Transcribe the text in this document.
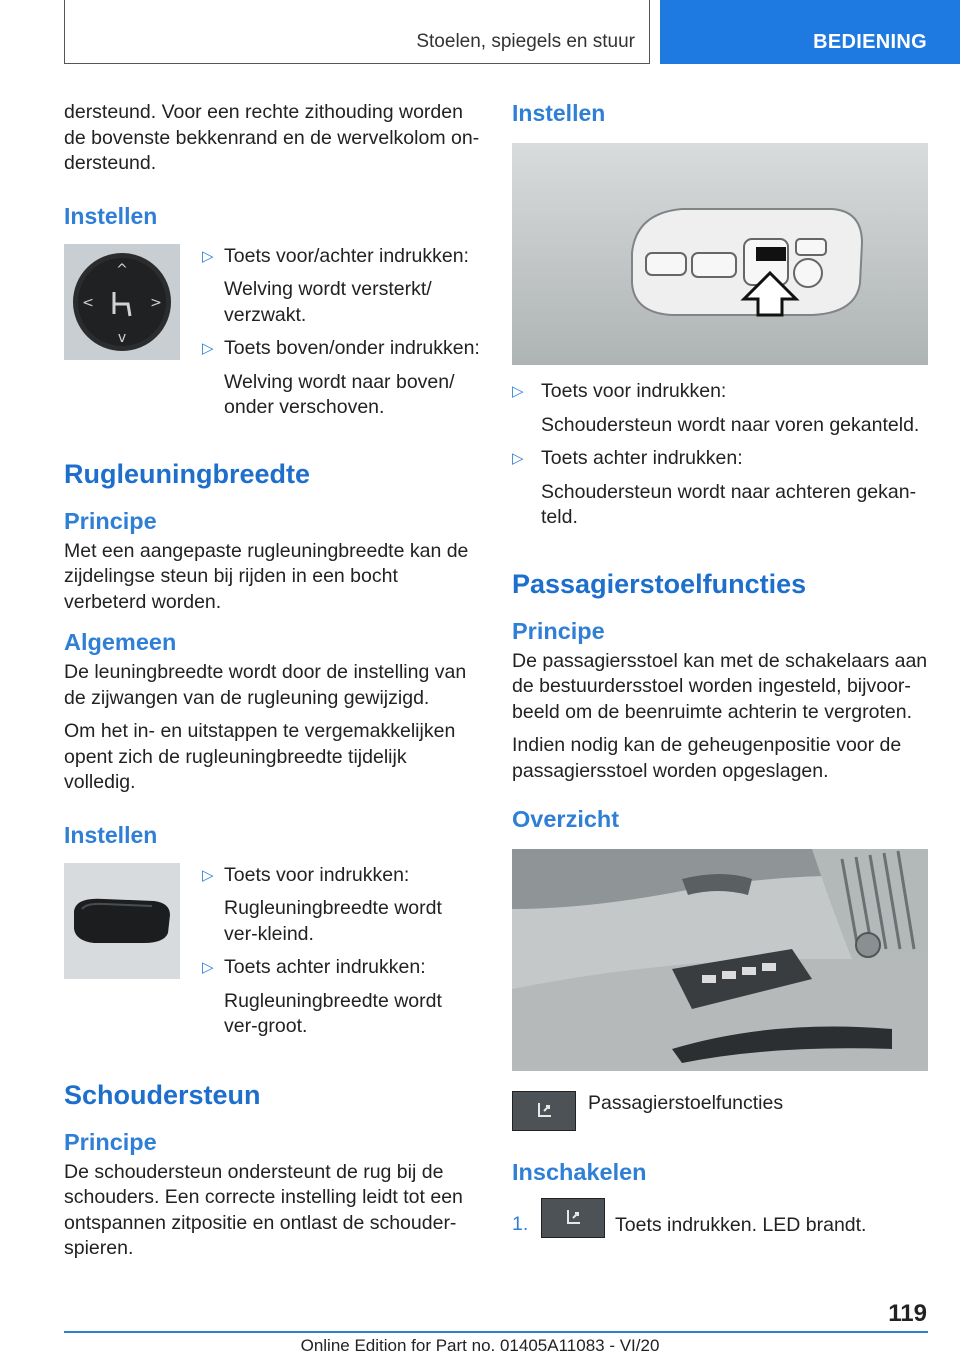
Stoelen, spiegels en stuur	BEDIENING

dersteund. Voor een rechte zithouding worden de bovenste bekkenrand en de wervelkolom on-dersteund.

Instellen
^
v
<	>
▷ Toets voor/achter indrukken:

Welving wordt versterkt/ verzwakt.

▷ Toets boven/onder indrukken:

Welving wordt naar boven/ onder verschoven.

Rugleuningbreedte
Principe

Met een aangepaste rugleuningbreedte kan de zijdelingse steun bij rijden in een bocht verbeterd worden.

Algemeen

De leuningbreedte wordt door de instelling van de zijwangen van de rugleuning gewijzigd.

Om het in- en uitstappen te vergemakkelijken opent zich de rugleuningbreedte tijdelijk volledig.

Instellen
▷ Toets voor indrukken:

Rugleuningbreedte wordt ver-kleind.

▷ Toets achter indrukken:

Rugleuningbreedte wordt ver-groot.

Schoudersteun
Principe

De schoudersteun ondersteunt de rug bij de schouders. Een correcte instelling leidt tot een ontspannen zitpositie en ontlast de schouder-spieren.

Instellen
▷ Toets voor indrukken:

Schoudersteun wordt naar voren gekanteld.

▷ Toets achter indrukken:

Schoudersteun wordt naar achteren gekan-teld.

Passagierstoelfuncties
Principe

De passagiersstoel kan met de schakelaars aan de bestuurdersstoel worden ingesteld, bijvoor-beeld om de beenruimte achterin te vergroten.

Indien nodig kan de geheugenpositie voor de passagiersstoel worden opgeslagen.

Overzicht

Passagierstoelfuncties

Inschakelen
1.	Toets indrukken. LED brandt.

119
Online Edition for Part no. 01405A11083 - VI/20
